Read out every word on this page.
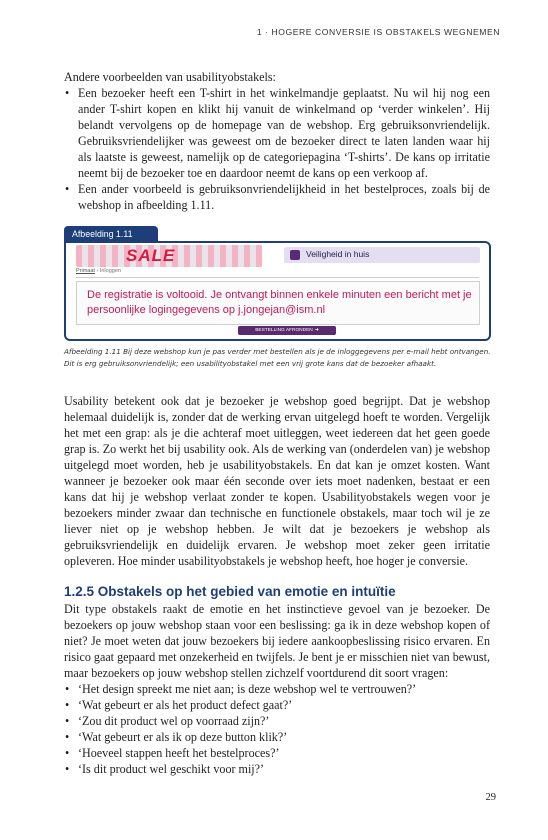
1 · HOGERE CONVERSIE IS OBSTAKELS WEGNEMEN

Andere voorbeelden van usabilityobstakels:

• Een bezoeker heeft een T-shirt in het winkelmandje geplaatst. Nu wil hij nog een ander T-shirt kopen en klikt hij vanuit de winkelmand op ‘verder winkelen’. Hij belandt vervolgens op de homepage van de webshop. Erg gebruiksonvriendelijk. Gebruiksvriendelijker was geweest om de bezoeker direct te laten landen waar hij als laatste is geweest, namelijk op de categoriepagina ‘T-shirts’. De kans op irritatie neemt bij de bezoeker toe en daardoor neemt de kans op een verkoop af.
• Een ander voorbeeld is gebruiksonvriendelijkheid in het bestelproces, zoals bij de webshop in afbeelding 1.11.
Afbeelding 1.11
SALE	Veiligheid in huis
Primaat › Inloggen
De registratie is voltooid. Je ontvangt binnen enkele minuten een bericht met je persoonlijke logingegevens op j.jongejan@ism.nl
BESTELLING AFRONDEN ➔
Afbeelding 1.11 Bij deze webshop kun je pas verder met bestellen als je de inloggegevens per e-mail hebt ontvangen. Dit is erg gebruiksonvriendelijk; een usabilityobstakel met een vrij grote kans dat de bezoeker afhaakt.
Usability betekent ook dat je bezoeker je webshop goed begrijpt. Dat je webshop helemaal duidelijk is, zonder dat de werking ervan uitgelegd hoeft te worden. Vergelijk het met een grap: als je die achteraf moet uitleggen, weet iedereen dat het geen goede grap is. Zo werkt het bij usability ook. Als de werking van (onderdelen van) je webshop uitgelegd moet worden, heb je usabilityobstakels. En dat kan je omzet kosten. Want wanneer je bezoeker ook maar één seconde over iets moet nadenken, bestaat er een kans dat hij je webshop verlaat zonder te kopen. Usabilityobstakels wegen voor je bezoekers minder zwaar dan technische en functionele obstakels, maar toch wil je ze liever niet op je webshop hebben. Je wilt dat je bezoekers je webshop als gebruiksvriendelijk en duidelijk ervaren. Je webshop moet zeker geen irritatie opleveren. Hoe minder usabilityobstakels je webshop heeft, hoe hoger je conversie.
1.2.5 Obstakels op het gebied van emotie en intuïtie

Dit type obstakels raakt de emotie en het instinctieve gevoel van je bezoeker. De bezoekers op jouw webshop staan voor een beslissing: ga ik in deze webshop kopen of niet? Je moet weten dat jouw bezoekers bij iedere aankoopbeslissing risico ervaren. En risico gaat gepaard met onzekerheid en twijfels. Je bent je er misschien niet van bewust, maar bezoekers op jouw webshop stellen zichzelf voortdurend dit soort vragen:

• ‘Het design spreekt me niet aan; is deze webshop wel te vertrouwen?’
• ‘Wat gebeurt er als het product defect gaat?’
• ‘Zou dit product wel op voorraad zijn?’
• ‘Wat gebeurt er als ik op deze button klik?’
• ‘Hoeveel stappen heeft het bestelproces?’
• ‘Is dit product wel geschikt voor mij?’
29
